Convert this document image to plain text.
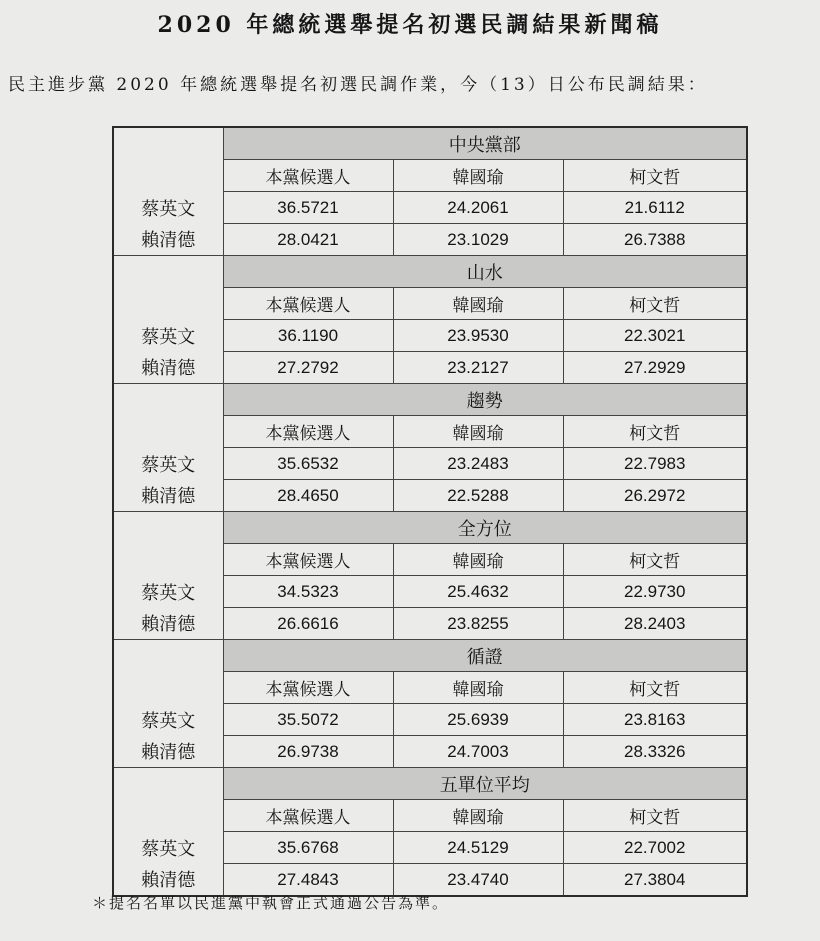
2020 年總統選舉提名初選民調結果新聞稿
民主進步黨 2020 年總統選舉提名初選民調作業，今（13）日公布民調結果：
	中央黨部		
	本黨候選人	韓國瑜	柯文哲
蔡英文	36.5721	24.2061	21.6112
賴清德	28.0421	23.1029	26.7388
	山水		
	本黨候選人	韓國瑜	柯文哲
蔡英文	36.1190	23.9530	22.3021
賴清德	27.2792	23.2127	27.2929
	趨勢		
	本黨候選人	韓國瑜	柯文哲
蔡英文	35.6532	23.2483	22.7983
賴清德	28.4650	22.5288	26.2972
	全方位		
	本黨候選人	韓國瑜	柯文哲
蔡英文	34.5323	25.4632	22.9730
賴清德	26.6616	23.8255	28.2403
	循證		
	本黨候選人	韓國瑜	柯文哲
蔡英文	35.5072	25.6939	23.8163
賴清德	26.9738	24.7003	28.3326
	五單位平均		
	本黨候選人	韓國瑜	柯文哲
蔡英文	35.6768	24.5129	22.7002
賴清德	27.4843	23.4740	27.3804
＊提名名單以民進黨中執會正式通過公告為準。
